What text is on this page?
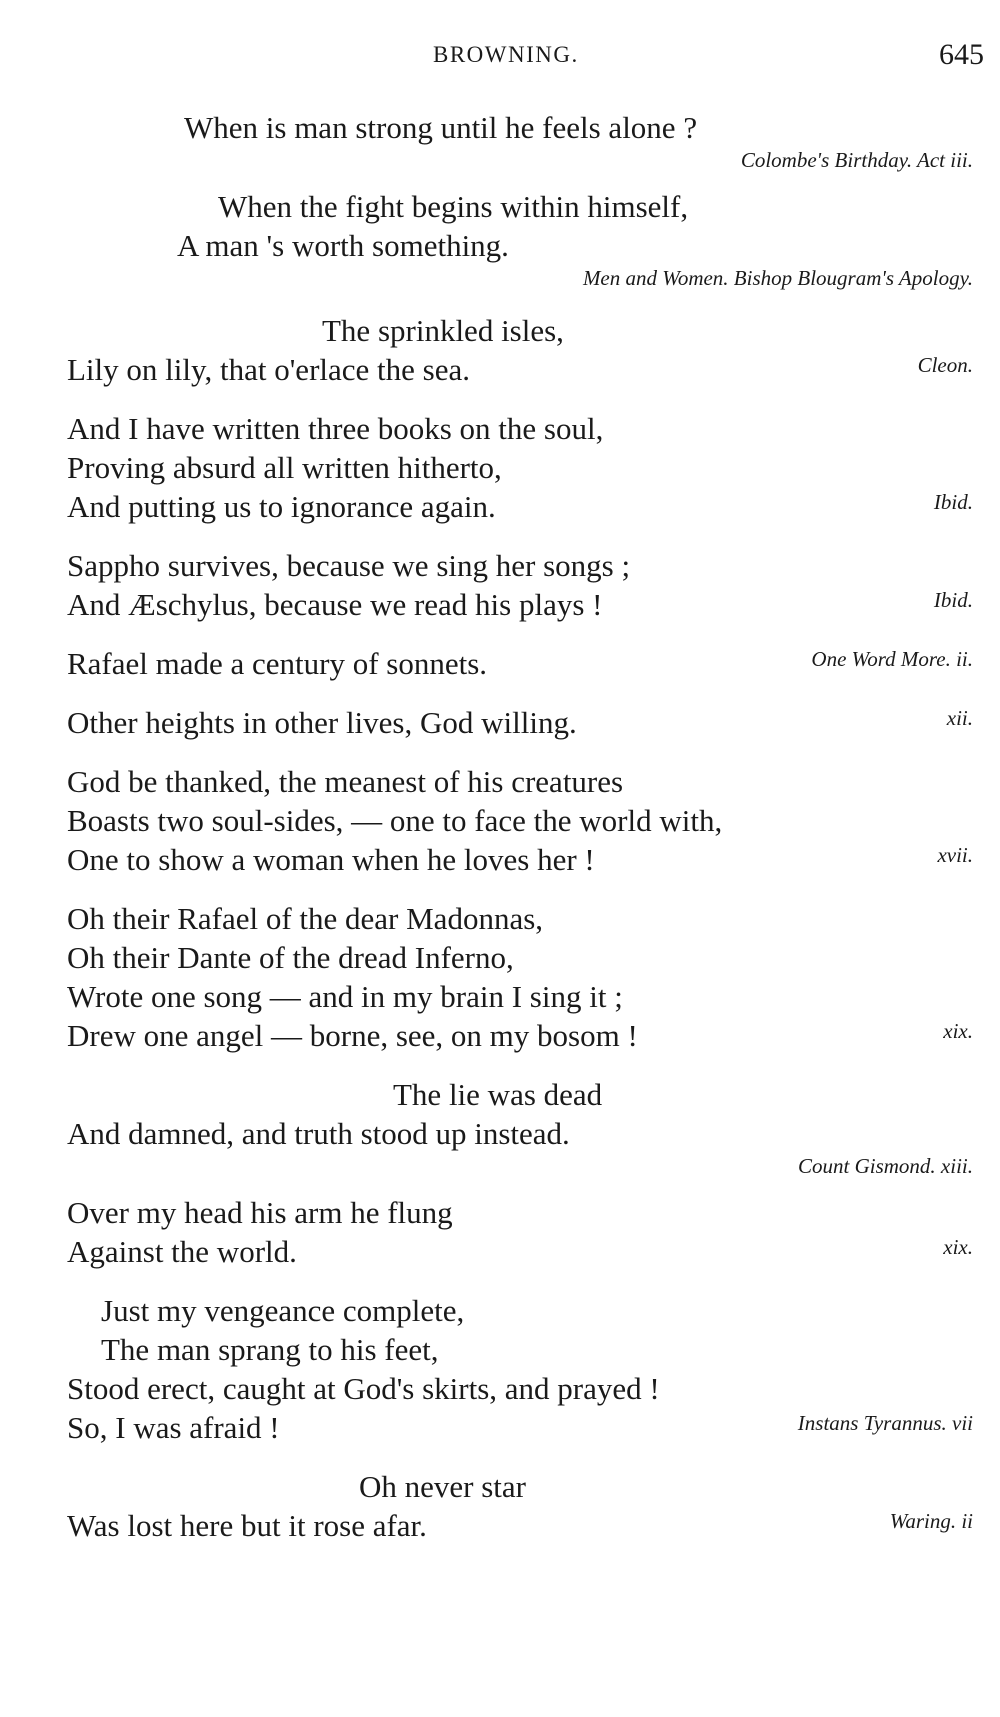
BROWNING.	645
When is man strong until he feels alone ?
Colombe's Birthday. Act iii.
When the fight begins within himself,
A man 's worth something.
Men and Women. Bishop Blougram's Apology.
The sprinkled isles,
Lily on lily, that o'erlace the sea.	Cleon.
And I have written three books on the soul,
Proving absurd all written hitherto,
And putting us to ignorance again.	Ibid.
Sappho survives, because we sing her songs ;
And Æschylus, because we read his plays !	Ibid.
Rafael made a century of sonnets.	One Word More. ii.
Other heights in other lives, God willing.	xii.
God be thanked, the meanest of his creatures
Boasts two soul-sides, — one to face the world with,
One to show a woman when he loves her !	xvii.
Oh their Rafael of the dear Madonnas,
Oh their Dante of the dread Inferno,
Wrote one song — and in my brain I sing it ;
Drew one angel — borne, see, on my bosom !	xix.
The lie was dead
And damned, and truth stood up instead.
Count Gismond. xiii.
Over my head his arm he flung
Against the world.	xix.
Just my vengeance complete,
The man sprang to his feet,
Stood erect, caught at God's skirts, and prayed !
So, I was afraid !	Instans Tyrannus. vii
Oh never star
Was lost here but it rose afar.	Waring. ii
